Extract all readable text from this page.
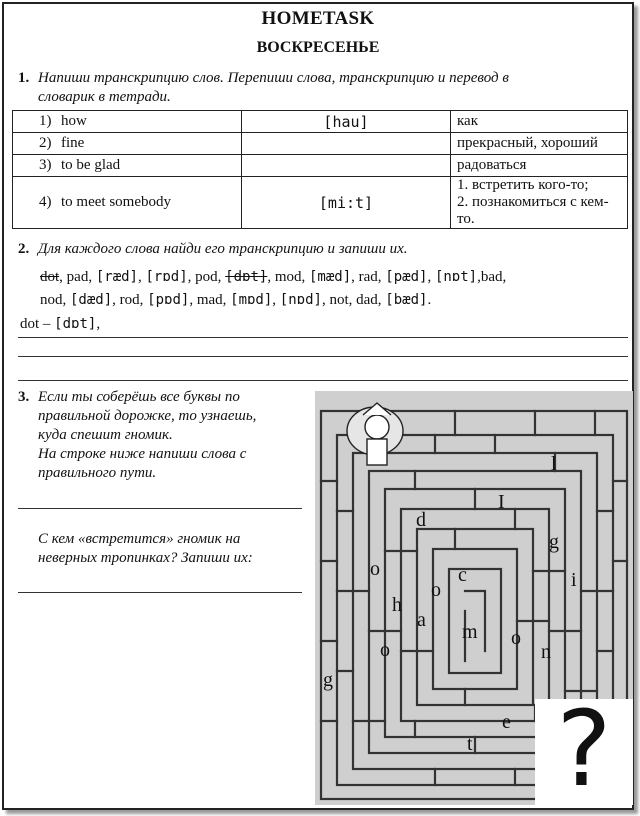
HOMETASK
ВОСКРЕСЕНЬЕ
1. Напиши транскрипцию слов. Перепиши слова, транскрипцию и перевод в
словарик в тетради.
1) how	[hau]	как
2) fine		прекрасный, хороший
3) to be glad		радоваться
4) to meet somebody	[mi:t]	1. встретить кого-то;
2. познакомиться с кем-то.
2. Для каждого слова найди его транскрипцию и запиши их.
dot, pad, [ræd], [rɒd], pod, [dɒt], mod, [mæd], rad, [pæd], [nɒt],bad,
nod, [dæd], rod, [pɒd], mad, [mɒd], [nɒd], not, dad, [bæd].
dot – [dɒt],
3. Если ты соберёшь все буквы по
правильной дорожке, то узнаешь,
куда спешит гномик.
На строке ниже напиши слова с
правильного пути.
С кем «встретится» гномик на
неверных тропинках? Запиши их:
l
I
d
g
i
o	c
o
h
a
m o
n
o
g
e
t ?
